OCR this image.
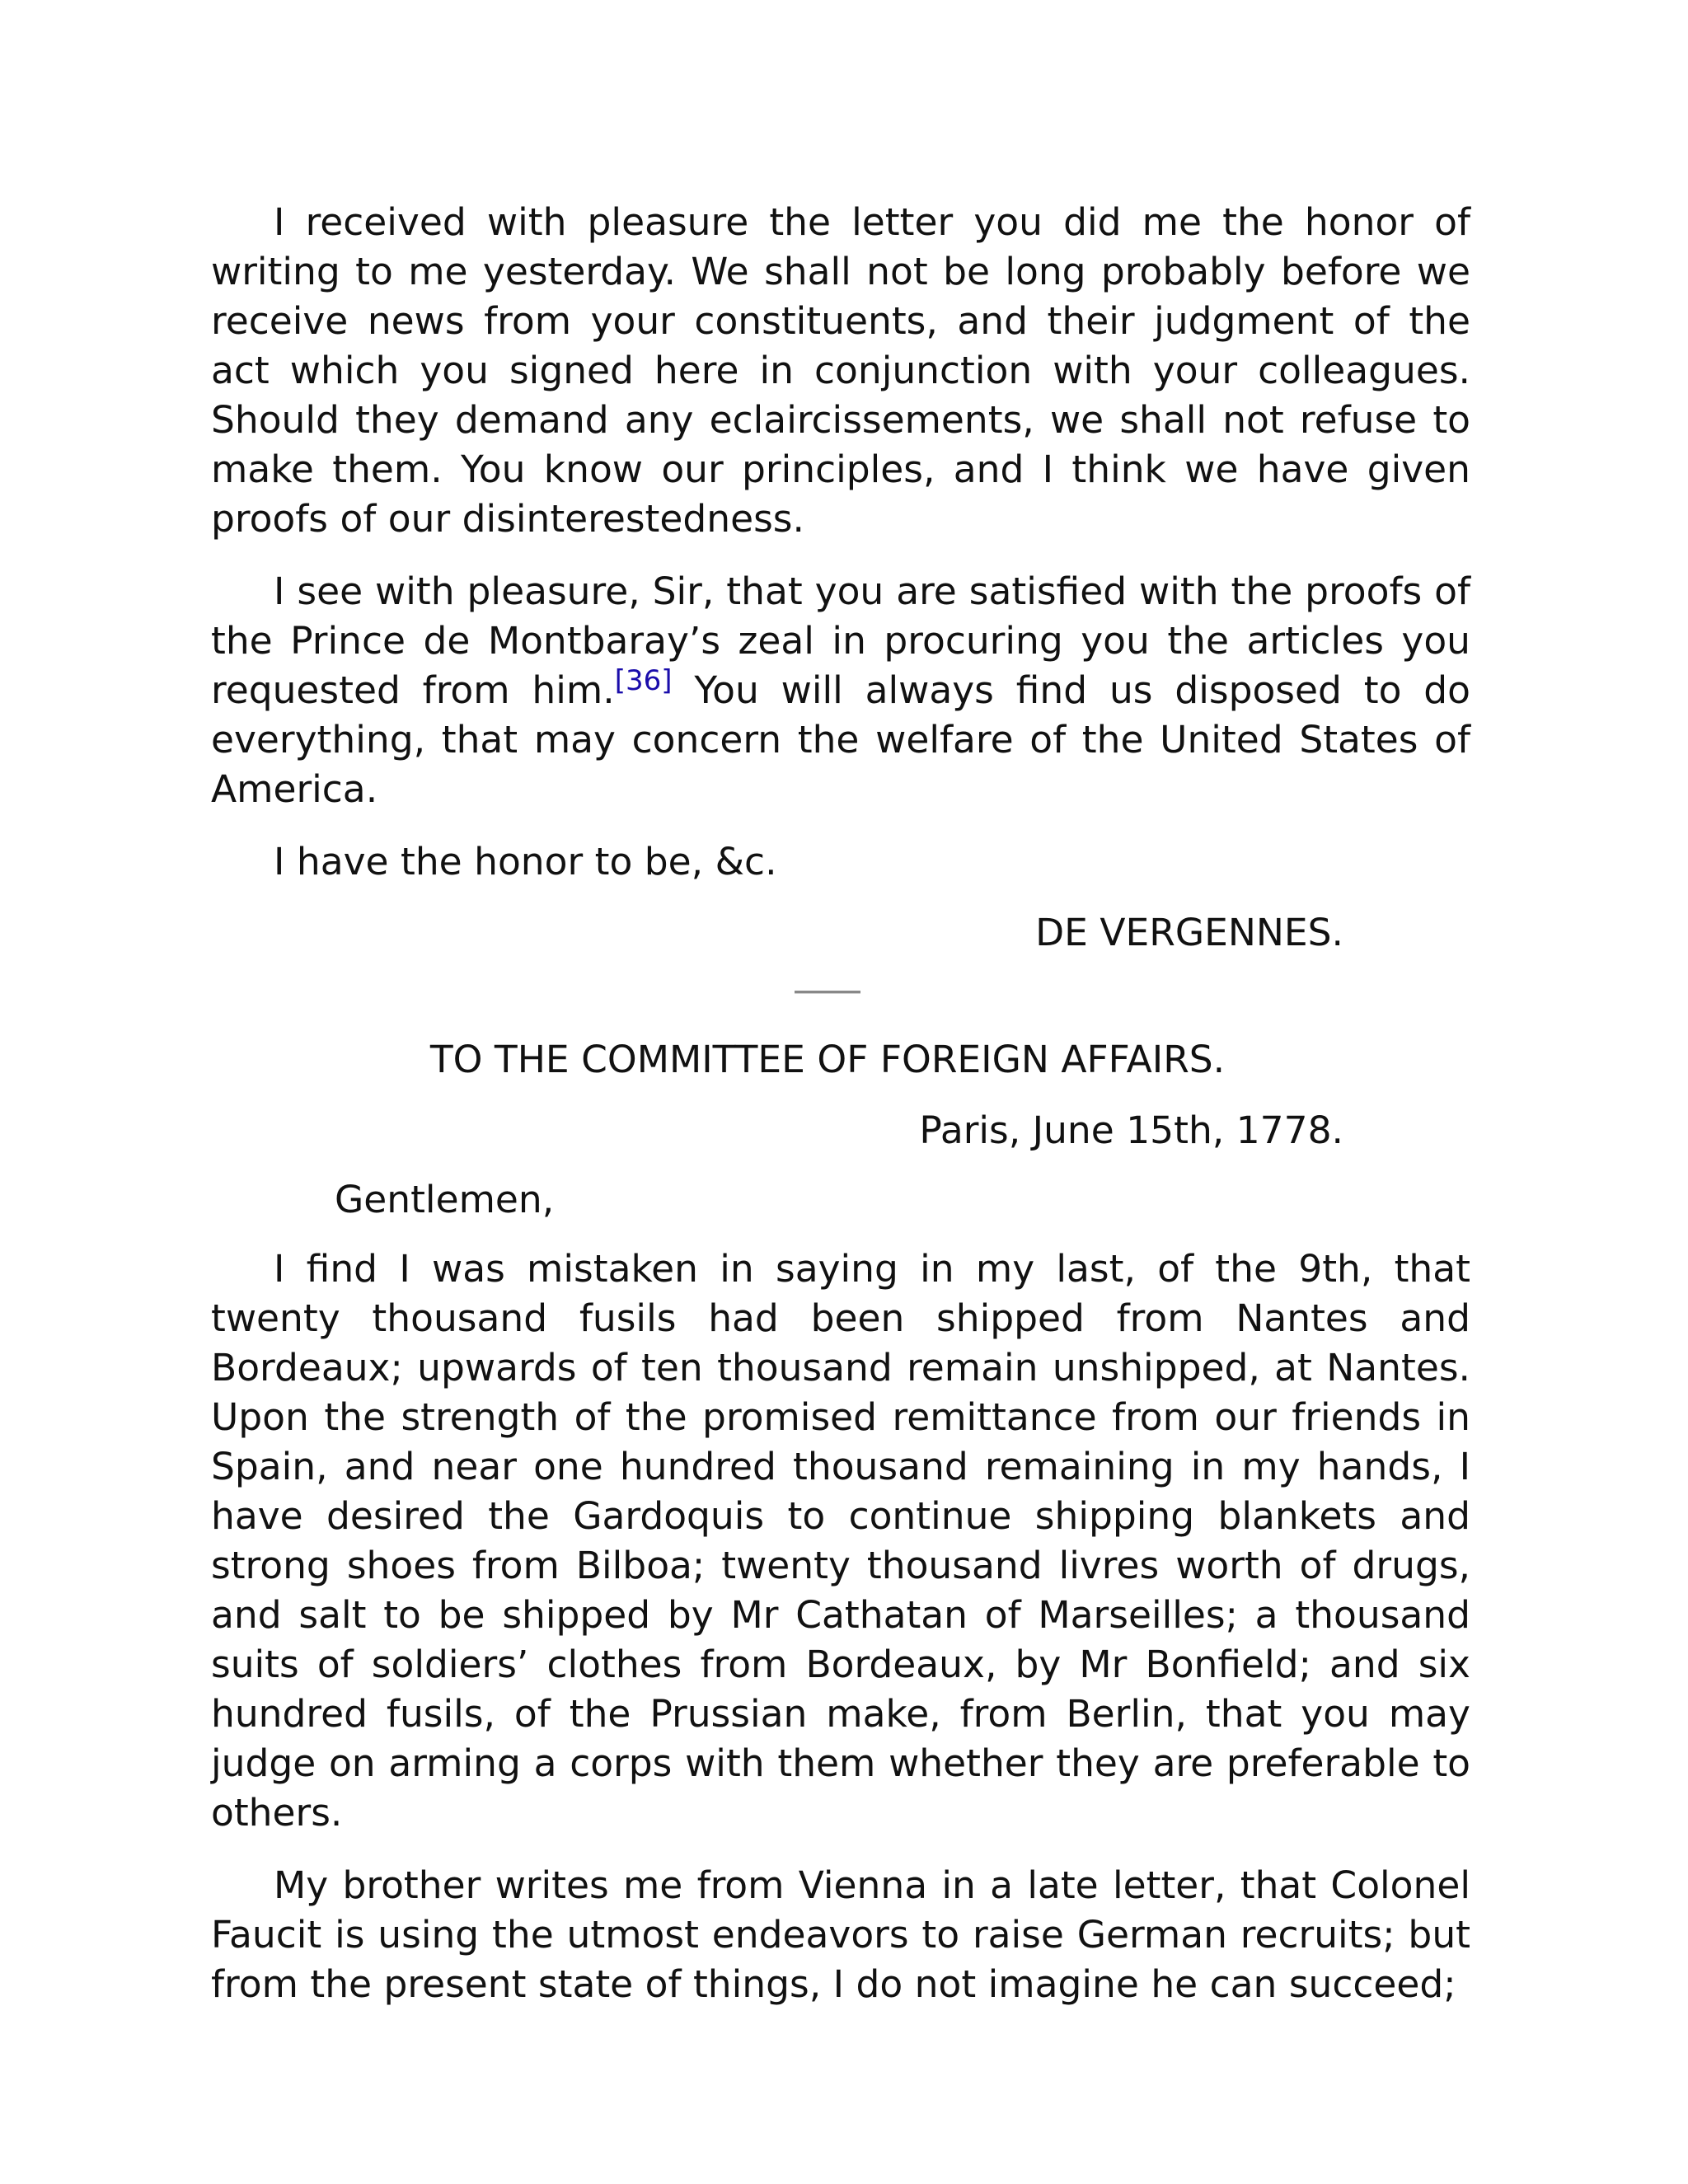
I received with pleasure the letter you did me the honor of writing to me yesterday. We shall not be long probably before we receive news from your constituents, and their judgment of the act which you signed here in conjunction with your colleagues. Should they demand any eclaircissements, we shall not refuse to make them. You know our principles, and I think we have given proofs of our disinterestedness.

I see with pleasure, Sir, that you are satisfied with the proofs of the Prince de Montbaray’s zeal in procuring you the articles you requested from him.[36] You will always find us disposed to do everything, that may concern the welfare of the United States of America.

I have the honor to be, &c.

DE VERGENNES.

TO THE COMMITTEE OF FOREIGN AFFAIRS.

Paris, June 15th, 1778.

Gentlemen,

I find I was mistaken in saying in my last, of the 9th, that twenty thousand fusils had been shipped from Nantes and Bordeaux; upwards of ten thousand remain unshipped, at Nantes. Upon the strength of the promised remittance from our friends in Spain, and near one hundred thousand remaining in my hands, I have desired the Gardoquis to continue shipping blankets and strong shoes from Bilboa; twenty thousand livres worth of drugs, and salt to be shipped by Mr Cathatan of Marseilles; a thousand suits of soldiers’ clothes from Bordeaux, by Mr Bonfield; and six hundred fusils, of the Prussian make, from Berlin, that you may judge on arming a corps with them whether they are preferable to others.

My brother writes me from Vienna in a late letter, that Colonel Faucit is using the utmost endeavors to raise German recruits; but from the present state of things, I do not imagine he can succeed;
